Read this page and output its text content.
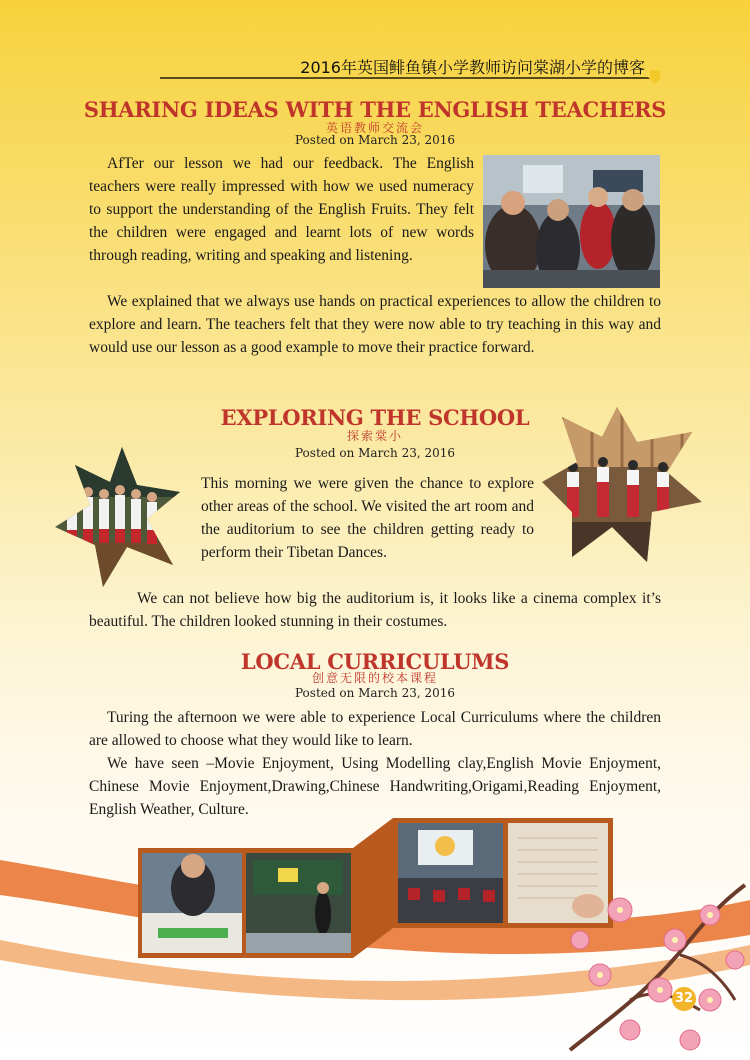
2016年英国鲱鱼镇小学教师访问棠湖小学的博客
SHARING IDEAS WITH THE ENGLISH TEACHERS
英语教师交流会
Posted on March 23, 2016
AfTer our lesson we had our feedback. The English teachers were really impressed with how we used numeracy to support the understanding of the English Fruits. They felt the children were engaged and learnt lots of new words through reading, writing and speaking and listening.
We explained that we always use hands on practical experiences to allow the children to explore and learn. The teachers felt that they were now able to try teaching in this way and would use our lesson as a good example to move their practice forward.
EXPLORING THE SCHOOL
探索棠小
Posted on March 23, 2016
This morning we were given the chance to explore other areas of the school. We visited the art room and the auditorium to see the children getting ready to perform their Tibetan Dances.
We can not believe how big the auditorium is, it looks like a cinema complex it’s beautiful. The children looked stunning in their costumes.
LOCAL CURRICULUMS
创意无限的校本课程
Posted on March 23, 2016
Turing the afternoon we were able to experience Local Curriculums where the children are allowed to choose what they would like to learn.
We have seen –Movie Enjoyment, Using Modelling clay,English Movie Enjoyment, Chinese Movie Enjoyment,Drawing,Chinese Handwriting,Origami,Reading Enjoyment, English Weather, Culture.
32
